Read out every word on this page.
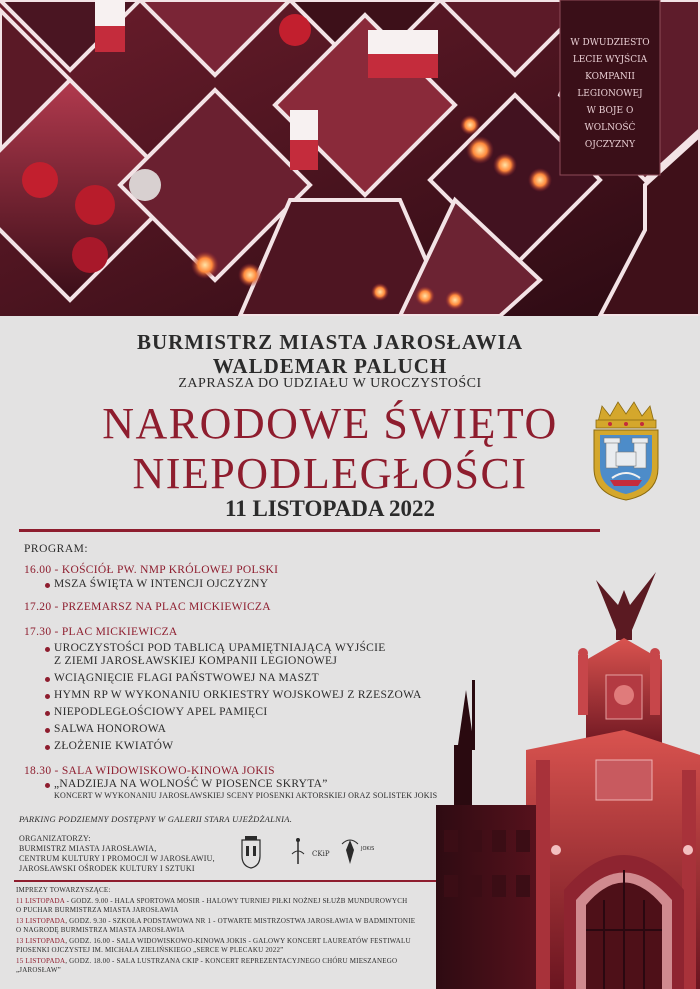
W DWUDZIESTO
LECIE WYJŚCIA
KOMPANII
LEGIONOWEJ
W BOJE O
WOLNOŚĆ
OJCZYZNY
BURMISTRZ MIASTA JAROSŁAWIA
WALDEMAR PALUCH
ZAPRASZA DO UDZIAŁU W UROCZYSTOŚCI
NARODOWE ŚWIĘTO
NIEPODLEGŁOŚCI
11 LISTOPADA 2022
PROGRAM:
16.00 - KOŚCIÓŁ PW. NMP KRÓLOWEJ POLSKI
MSZA ŚWIĘTA W INTENCJI OJCZYZNY
17.20 - PRZEMARSZ NA PLAC MICKIEWICZA
17.30 - PLAC MICKIEWICZA
UROCZYSTOŚCI POD TABLICĄ UPAMIĘTNIAJĄCĄ WYJŚCIE
Z ZIEMI JAROSŁAWSKIEJ KOMPANII LEGIONOWEJ
WCIĄGNIĘCIE FLAGI PAŃSTWOWEJ NA MASZT
HYMN RP W WYKONANIU ORKIESTRY WOJSKOWEJ Z RZESZOWA
NIEPODLEGŁOŚCIOWY APEL PAMIĘCI
SALWA HONOROWA
ZŁOŻENIE KWIATÓW
18.30 - SALA WIDOWISKOWO-KINOWA JOKIS
„NADZIEJA NA WOLNOŚĆ W PIOSENCE SKRYTA”
KONCERT W WYKONANIU JAROSŁAWSKIEJ SCENY PIOSENKI AKTORSKIEJ ORAZ SOLISTEK JOKIS
PARKING PODZIEMNY DOSTĘPNY W GALERII STARA UJEŻDŻALNIA.
ORGANIZATORZY:
BURMISTRZ MIASTA JAROSŁAWIA,
CENTRUM KULTURY I PROMOCJI W JAROSŁAWIU,
JAROSŁAWSKI OŚRODEK KULTURY I SZTUKI
CKiP
JOKiS
IMPREZY TOWARZYSZĄCE:
11 LISTOPADA - GODZ. 9.00 - HALA SPORTOWA MOSIR - HALOWY TURNIEJ PIŁKI NOŻNEJ SŁUŻB MUNDUROWYCH
O PUCHAR BURMISTRZA MIASTA JAROSŁAWIA
13 LISTOPADA, GODZ. 9.30 - SZKOŁA PODSTAWOWA NR 1 - OTWARTE MISTRZOSTWA JAROSŁAWIA W BADMINTONIE
O NAGRODĘ BURMISTRZA MIASTA JAROSŁAWIA
13 LISTOPADA, GODZ. 16.00 - SALA WIDOWISKOWO-KINOWA JOKIS - GALOWY KONCERT LAUREATÓW FESTIWALU
PIOSENKI OJCZYSTEJ IM. MICHAŁA ZIELIŃSKIEGO „SERCE W PLECAKU 2022”
15 LISTOPADA, GODZ. 18.00 - SALA LUSTRZANA CKIP - KONCERT REPREZENTACYJNEGO CHÓRU MIESZANEGO „JAROSŁAW”
